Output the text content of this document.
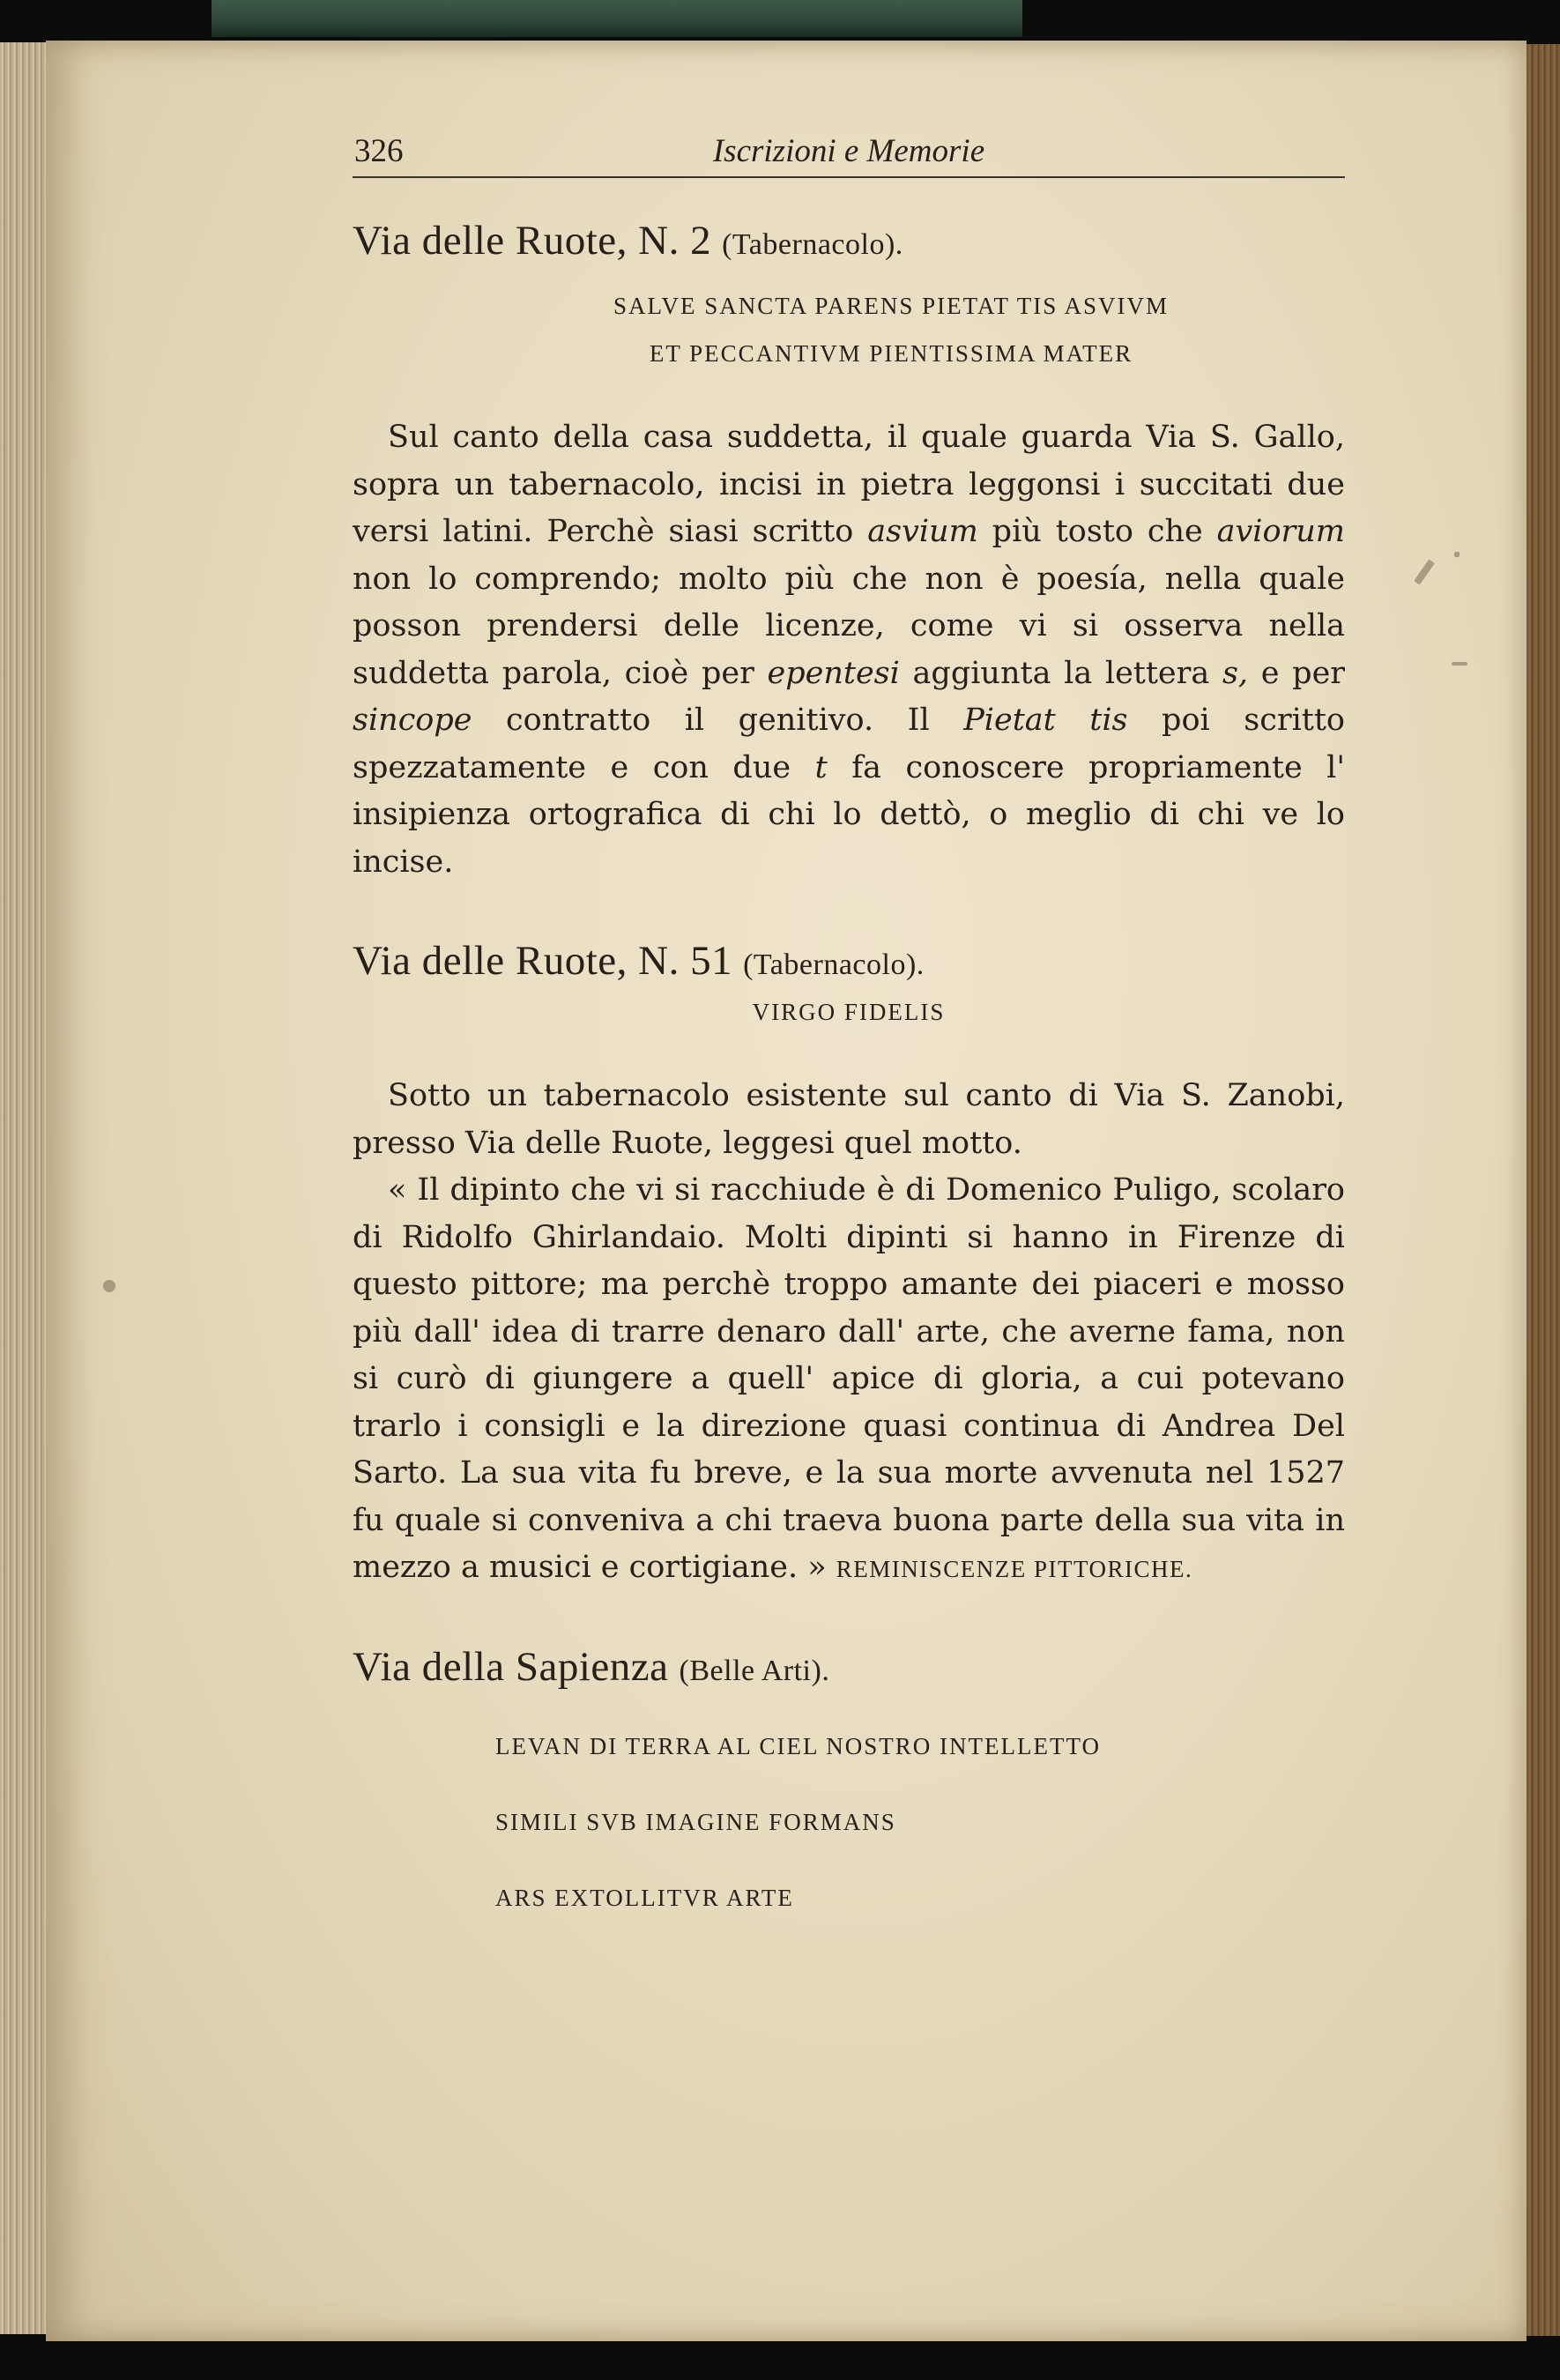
326	Iscrizioni e Memorie
Via delle Ruote, N. 2 (Tabernacolo).
SALVE SANCTA PARENS PIETAT TIS ASVIVM
ET PECCANTIVM PIENTISSIMA MATER

Sul canto della casa suddetta, il quale guarda Via S. Gallo, sopra un tabernacolo, incisi in pietra leggonsi i succitati due versi latini. Perchè siasi scritto asvium più tosto che aviorum non lo comprendo; molto più che non è poesía, nella quale posson prendersi delle licenze, come vi si osserva nella suddetta parola, cioè per epentesi aggiunta la lettera s, e per sincope contratto il genitivo. Il Pietat tis poi scritto spezzatamente e con due t fa conoscere propriamente l' insipienza ortografica di chi lo dettò, o meglio di chi ve lo incise.

Via delle Ruote, N. 51 (Tabernacolo).
VIRGO FIDELIS

Sotto un tabernacolo esistente sul canto di Via S. Zanobi, presso Via delle Ruote, leggesi quel motto.

« Il dipinto che vi si racchiude è di Domenico Puligo, scolaro di Ridolfo Ghirlandaio. Molti dipinti si hanno in Firenze di questo pittore; ma perchè troppo amante dei piaceri e mosso più dall' idea di trarre denaro dall' arte, che averne fama, non si curò di giungere a quell' apice di gloria, a cui potevano trarlo i consigli e la direzione quasi continua di Andrea Del Sarto. La sua vita fu breve, e la sua morte avvenuta nel 1527 fu quale si conveniva a chi traeva buona parte della sua vita in mezzo a musici e cortigiane. » REMINISCENZE PITTORICHE.

Via della Sapienza (Belle Arti).
LEVAN DI TERRA AL CIEL NOSTRO INTELLETTO
SIMILI SVB IMAGINE FORMANS
ARS EXTOLLITVR ARTE
